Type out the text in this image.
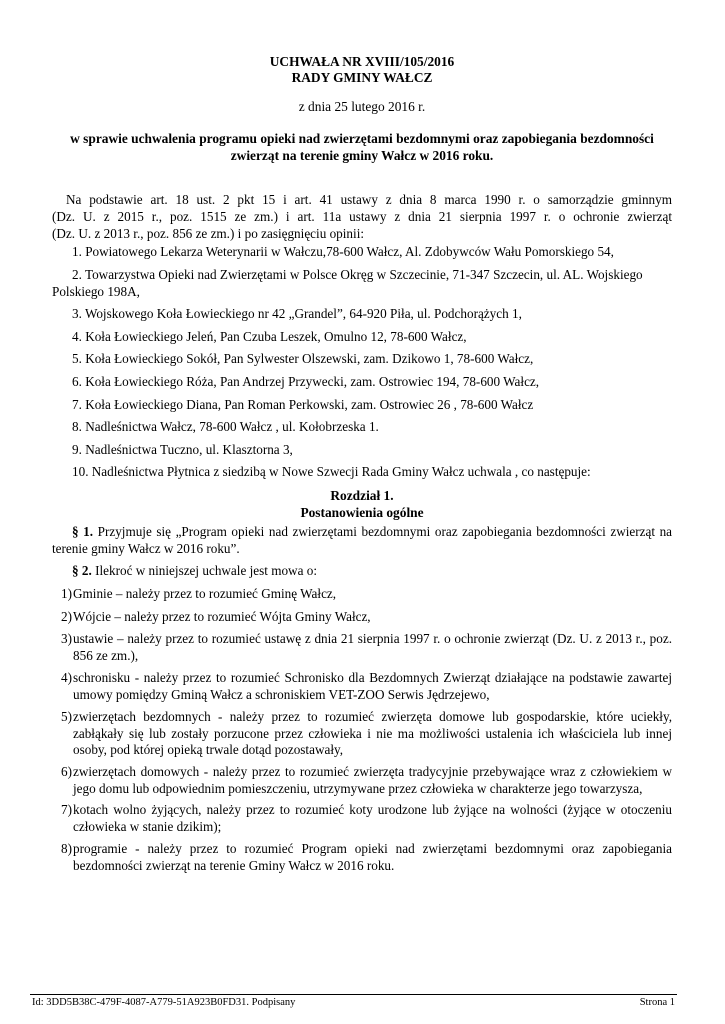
UCHWAŁA NR XVIII/105/2016
RADY GMINY WAŁCZ
z dnia 25 lutego 2016 r.
w sprawie uchwalenia programu opieki nad zwierzętami bezdomnymi oraz zapobiegania bezdomności
zwierząt na terenie gminy Wałcz w 2016 roku.
Na podstawie art. 18 ust. 2 pkt 15 i art. 41 ustawy z dnia 8 marca 1990 r. o samorządzie gminnym
(Dz. U. z 2015 r., poz. 1515 ze zm.) i art. 11a ustawy z dnia 21 sierpnia 1997 r. o ochronie zwierząt
(Dz. U. z 2013 r., poz. 856 ze zm.) i po zasięgnięciu opinii:
1. Powiatowego Lekarza Weterynarii w Wałczu,78-600 Wałcz, Al. Zdobywców Wału Pomorskiego 54,
2. Towarzystwa Opieki nad Zwierzętami w Polsce Okręg w Szczecinie, 71-347 Szczecin, ul. AL. Wojskiego Polskiego 198A,
3. Wojskowego Koła Łowieckiego nr 42 „Grandel”, 64-920 Piła, ul. Podchorążych 1,
4. Koła Łowieckiego Jeleń, Pan Czuba Leszek, Omulno 12, 78-600 Wałcz,
5. Koła Łowieckiego Sokół, Pan Sylwester Olszewski, zam. Dzikowo 1, 78-600 Wałcz,
6. Koła Łowieckiego Róża, Pan Andrzej Przywecki, zam. Ostrowiec 194, 78-600 Wałcz,
7. Koła Łowieckiego Diana, Pan Roman Perkowski, zam. Ostrowiec 26 , 78-600 Wałcz
8. Nadleśnictwa Wałcz, 78-600 Wałcz , ul. Kołobrzeska 1.
9. Nadleśnictwa Tuczno, ul. Klasztorna 3,
10. Nadleśnictwa Płytnica z siedzibą w Nowe Szwecji Rada Gminy Wałcz uchwala , co następuje:
Rozdział 1.
Postanowienia ogólne
§ 1. Przyjmuje się „Program opieki nad zwierzętami bezdomnymi oraz zapobiegania bezdomności zwierząt na terenie gminy Wałcz w 2016 roku”.
§ 2. Ilekroć w niniejszej uchwale jest mowa o:
1) Gminie – należy przez to rozumieć Gminę Wałcz,
2) Wójcie – należy przez to rozumieć Wójta Gminy Wałcz,
3) ustawie – należy przez to rozumieć ustawę z dnia 21 sierpnia 1997 r. o ochronie zwierząt (Dz. U. z 2013 r., poz. 856 ze zm.),
4) schronisku - należy przez to rozumieć Schronisko dla Bezdomnych Zwierząt działające na podstawie zawartej umowy pomiędzy Gminą Wałcz a schroniskiem VET-ZOO Serwis Jędrzejewo,
5) zwierzętach bezdomnych - należy przez to rozumieć zwierzęta domowe lub gospodarskie, które uciekły, zabłąkały się lub zostały porzucone przez człowieka i nie ma możliwości ustalenia ich właściciela lub innej osoby, pod której opieką trwale dotąd pozostawały,
6) zwierzętach domowych - należy przez to rozumieć zwierzęta tradycyjnie przebywające wraz z człowiekiem w jego domu lub odpowiednim pomieszczeniu, utrzymywane przez człowieka w charakterze jego towarzysza,
7) kotach wolno żyjących, należy przez to rozumieć koty urodzone lub żyjące na wolności (żyjące w otoczeniu człowieka w stanie dzikim);
8) programie - należy przez to rozumieć Program opieki nad zwierzętami bezdomnymi oraz zapobiegania bezdomności zwierząt na terenie Gminy Wałcz w 2016 roku.
Id: 3DD5B38C-479F-4087-A779-51A923B0FD31. Podpisany	Strona 1
